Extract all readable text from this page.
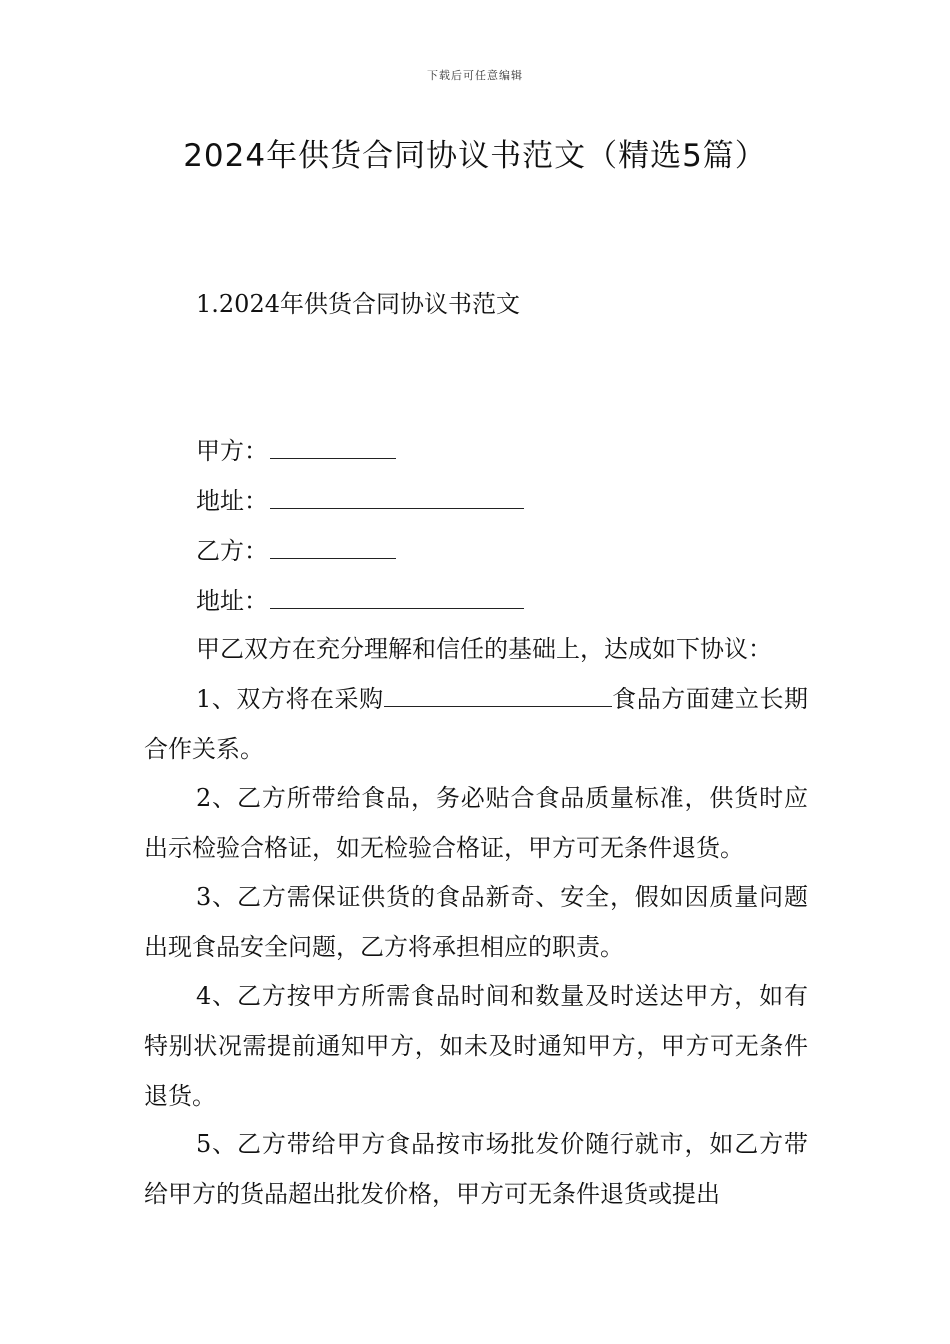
下载后可任意编辑
2024年供货合同协议书范文（精选5篇）
1.2024年供货合同协议书范文
甲方：
地址：
乙方：
地址：

甲乙双方在充分理解和信任的基础上，达成如下协议：

1、双方将在采购	食品方面建立长期合作关系。

2、乙方所带给食品，务必贴合食品质量标准，供货时应出示检验合格证，如无检验合格证，甲方可无条件退货。

3、乙方需保证供货的食品新奇、安全，假如因质量问题出现食品安全问题，乙方将承担相应的职责。

4、乙方按甲方所需食品时间和数量及时送达甲方，如有特别状况需提前通知甲方，如未及时通知甲方，甲方可无条件退货。

5、乙方带给甲方食品按市场批发价随行就市，如乙方带给甲方的货品超出批发价格，甲方可无条件退货或提出
